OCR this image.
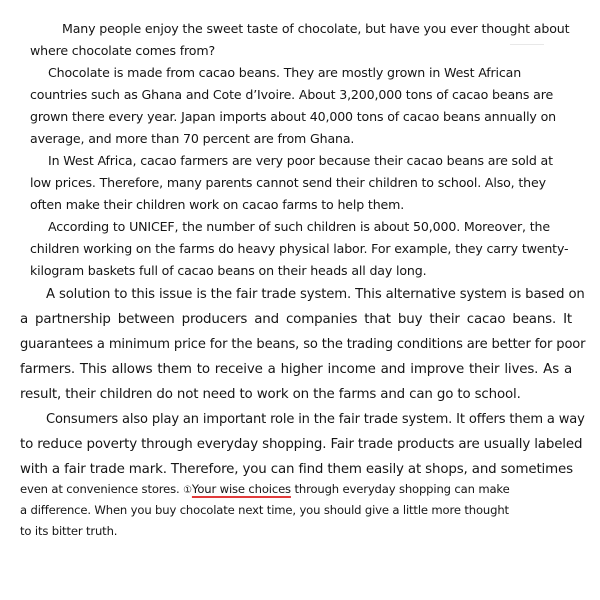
Many people enjoy the sweet taste of chocolate, but have you ever thought about
where chocolate comes from?
Chocolate is made from cacao beans. They are mostly grown in West African
countries such as Ghana and Cote d’Ivoire. About 3,200,000 tons of cacao beans are
grown there every year. Japan imports about 40,000 tons of cacao beans annually on
average, and more than 70 percent are from Ghana.
In West Africa, cacao farmers are very poor because their cacao beans are sold at
low prices. Therefore, many parents cannot send their children to school. Also, they
often make their children work on cacao farms to help them.
According to UNICEF, the number of such children is about 50,000. Moreover, the
children working on the farms do heavy physical labor. For example, they carry twenty-
kilogram baskets full of cacao beans on their heads all day long.
A solution to this issue is the fair trade system. This alternative system is based on
a partnership between producers and companies that buy their cacao beans. It
guarantees a minimum price for the beans, so the trading conditions are better for poor
farmers. This allows them to receive a higher income and improve their lives. As a
result, their children do not need to work on the farms and can go to school.
Consumers also play an important role in the fair trade system. It offers them a way
to reduce poverty through everyday shopping. Fair trade products are usually labeled
with a fair trade mark. Therefore, you can find them easily at shops, and sometimes
even at convenience stores. ①Your wise choices through everyday shopping can make
a difference. When you buy chocolate next time, you should give a little more thought
to its bitter truth.
